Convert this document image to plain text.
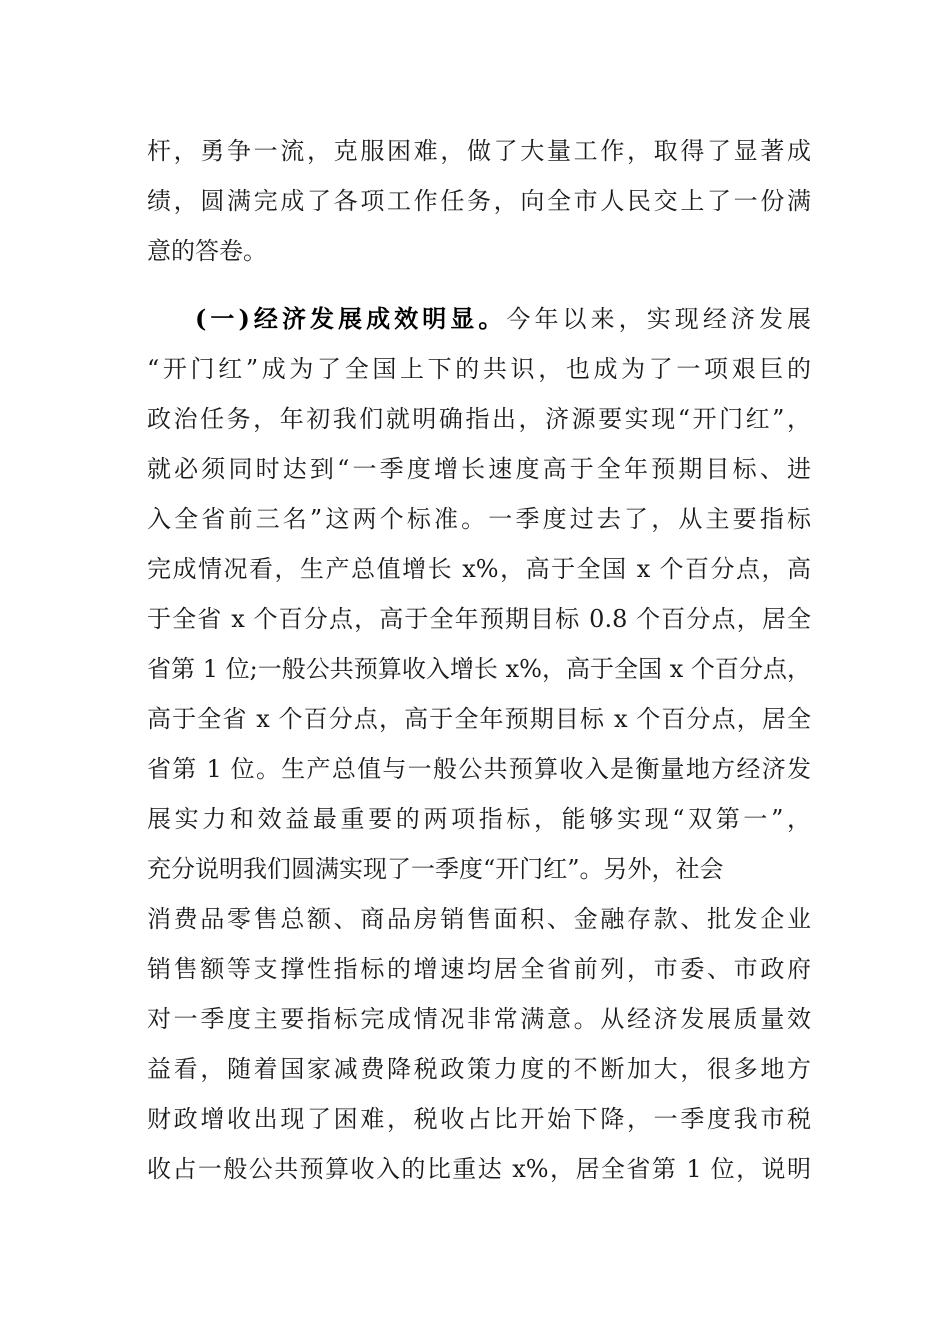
杆，勇争一流，克服困难，做了大量工作，取得了显著成
绩，圆满完成了各项工作任务，向全市人民交上了一份满
意的答卷。
(一)经济发展成效明显。今年以来，实现经济发展
“开门红”成为了全国上下的共识，也成为了一项艰巨的
政治任务，年初我们就明确指出，济源要实现“开门红”，
就必须同时达到“一季度增长速度高于全年预期目标、进
入全省前三名”这两个标准。一季度过去了，从主要指标
完成情况看，生产总值增长 x%，高于全国 x 个百分点，高
于全省 x 个百分点，高于全年预期目标 0.8 个百分点，居全
省第 1 位;一般公共预算收入增长 x%，高于全国 x 个百分点，
高于全省 x 个百分点，高于全年预期目标 x 个百分点，居全
省第 1 位。生产总值与一般公共预算收入是衡量地方经济发
展实力和效益最重要的两项指标，能够实现“双第一”，
充分说明我们圆满实现了一季度“开门红”。另外，社会
消费品零售总额、商品房销售面积、金融存款、批发企业
销售额等支撑性指标的增速均居全省前列，市委、市政府
对一季度主要指标完成情况非常满意。从经济发展质量效
益看，随着国家减费降税政策力度的不断加大，很多地方
财政增收出现了困难，税收占比开始下降，一季度我市税
收占一般公共预算收入的比重达 x%，居全省第 1 位，说明
